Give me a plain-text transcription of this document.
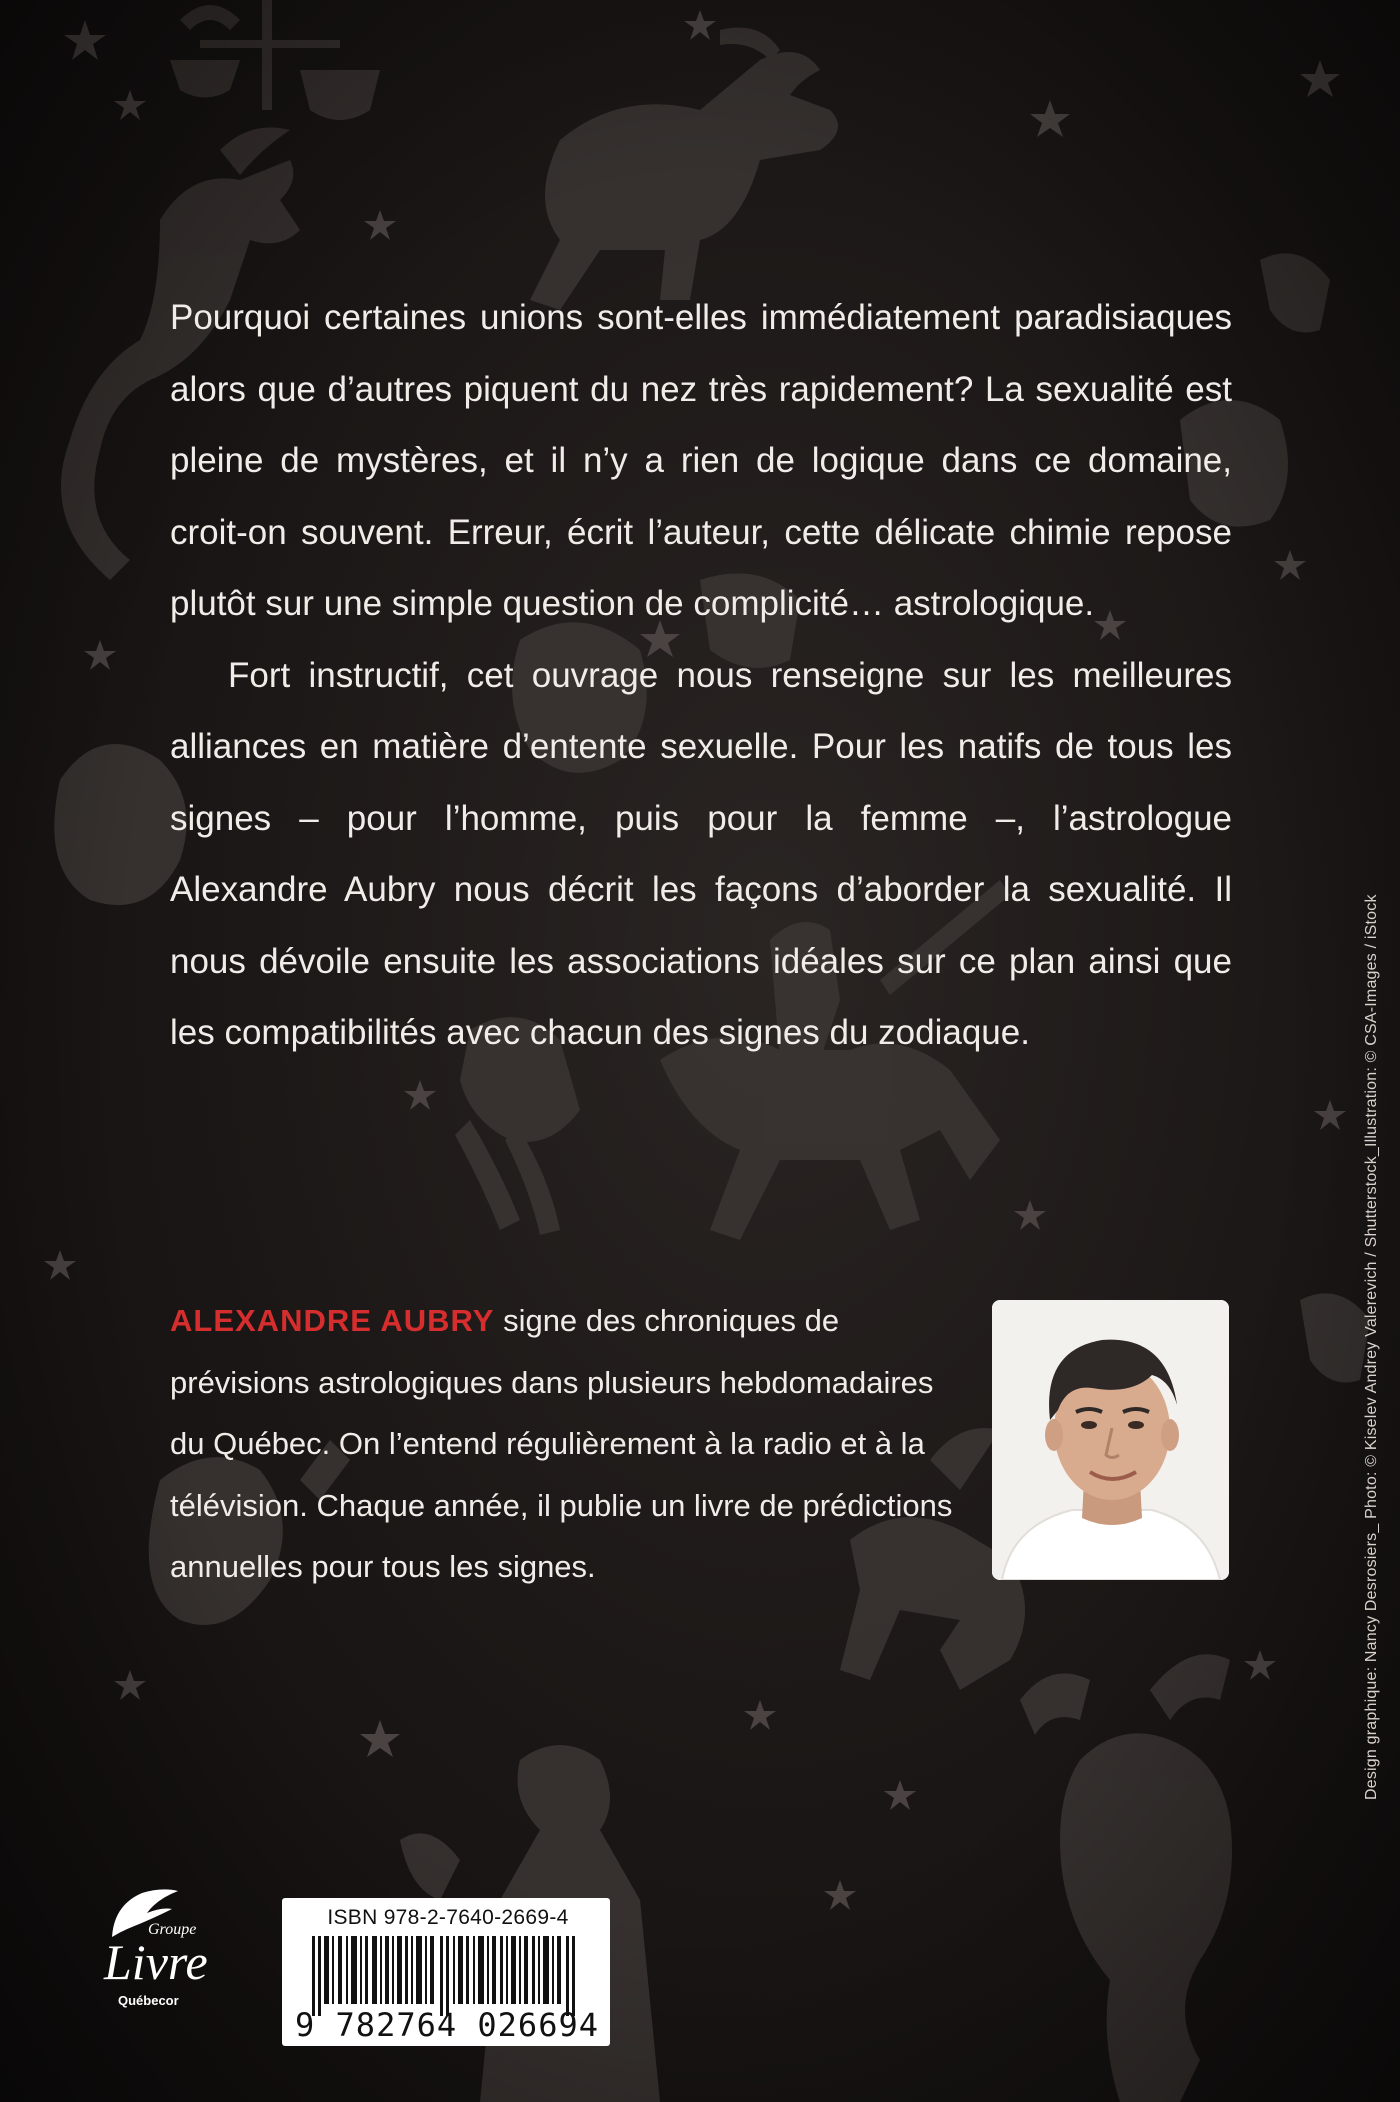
Pourquoi certaines unions sont-elles immédiatement paradisiaques alors que d’autres piquent du nez très rapidement? La sexualité est pleine de mystères, et il n’y a rien de logique dans ce domaine, croit-on souvent. Erreur, écrit l’auteur, cette délicate chimie repose plutôt sur une simple question de complicité… astrologique.

Fort instructif, cet ouvrage nous renseigne sur les meilleures alliances en matière d’entente sexuelle. Pour les natifs de tous les signes – pour l’homme, puis pour la femme –, l’astrologue Alexandre Aubry nous décrit les façons d’aborder la sexualité. Il nous dévoile ensuite les associations idéales sur ce plan ainsi que les compatibilités avec chacun des signes du zodiaque.

ALEXANDRE AUBRY signe des chroniques de prévisions astrologiques dans plusieurs hebdomadaires du Québec. On l’entend régulièrement à la radio et à la télévision. Chaque année, il publie un livre de prédictions annuelles pour tous les signes.	Design graphique: Nancy Desrosiers_ Photo: © Kiselev Andrey Valerevich / Shutterstock_Illustration: © CSA-Images / iStock
Groupe
Livre
Québecor
ISBN 978-2-7640-2669-4
9 782764 026694
